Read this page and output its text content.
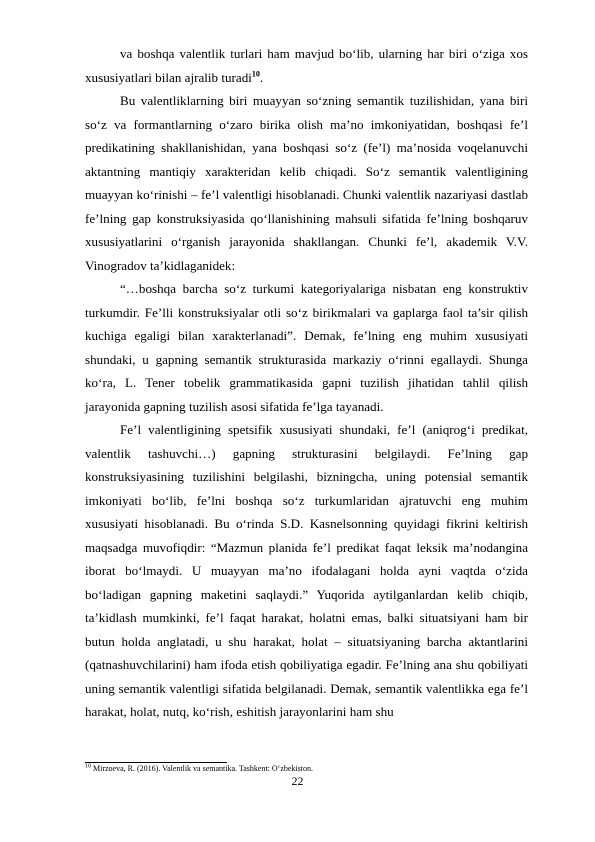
va boshqa valentlik turlari ham mavjud bo‘lib, ularning har biri o‘ziga xos xususiyatlari bilan ajralib turadi$^{10}$.

Bu valentliklarning biri muayyan so‘zning semantik tuzilishidan, yana biri so‘z va formantlarning o‘zaro birika olish ma’no imkoniyatidan, boshqasi fe’l predikatining shakllanishidan, yana boshqasi so‘z (fe’l) ma’nosida voqelanuvchi aktantning mantiqiy xarakteridan kelib chiqadi. So‘z semantik valentligining muayyan ko‘rinishi – fe’l valentligi hisoblanadi. Chunki valentlik nazariyasi dastlab fe’lning gap konstruksiyasida qo‘llanishining mahsuli sifatida fe’lning boshqaruv xususiyatlarini o‘rganish jarayonida shakllangan. Chunki fe’l, akademik V.V. Vinogradov ta’kidlaganidek:

“…boshqa barcha so‘z turkumi kategoriyalariga nisbatan eng konstruktiv turkumdir. Fe’lli konstruksiyalar otli so‘z birikmalari va gaplarga faol ta’sir qilish kuchiga egaligi bilan xarakterlanadi”. Demak, fe’lning eng muhim xususiyati shundaki, u gapning semantik strukturasida markaziy o‘rinni egallaydi. Shunga ko‘ra, L. Tener tobelik grammatikasida gapni tuzilish jihatidan tahlil qilish jarayonida gapning tuzilish asosi sifatida fe’lga tayanadi.

Fe’l valentligining spetsifik xususiyati shundaki, fe’l (aniqrog‘i predikat, valentlik tashuvchi…) gapning strukturasini belgilaydi. Fe’lning gap konstruksiyasining tuzilishini belgilashi, bizningcha, uning potensial semantik imkoniyati bo‘lib, fe’lni boshqa so‘z turkumlaridan ajratuvchi eng muhim xususiyati hisoblanadi. Bu o‘rinda S.D. Kasnelsonning quyidagi fikrini keltirish maqsadga muvofiqdir: “Mazmun planida fe’l predikat faqat leksik ma’nodangina iborat bo‘lmaydi. U muayyan ma’no ifodalagani holda ayni vaqtda o‘zida bo‘ladigan gapning maketini saqlaydi.” Yuqorida aytilganlardan kelib chiqib, ta’kidlash mumkinki, fe’l faqat harakat, holatni emas, balki situatsiyani ham bir butun holda anglatadi, u shu harakat, holat – situatsiyaning barcha aktantlarini (qatnashuvchilarini) ham ifoda etish qobiliyatiga egadir. Fe’lning ana shu qobiliyati uning semantik valentligi sifatida belgilanadi. Demak, semantik valentlikka ega fe’l harakat, holat, nutq, ko‘rish, eshitish jarayonlarini ham shu

$^{10}$ Mirzoeva, R. (2016). Valentlik va semantika. Tashkent: O‘zbekiston.
22
